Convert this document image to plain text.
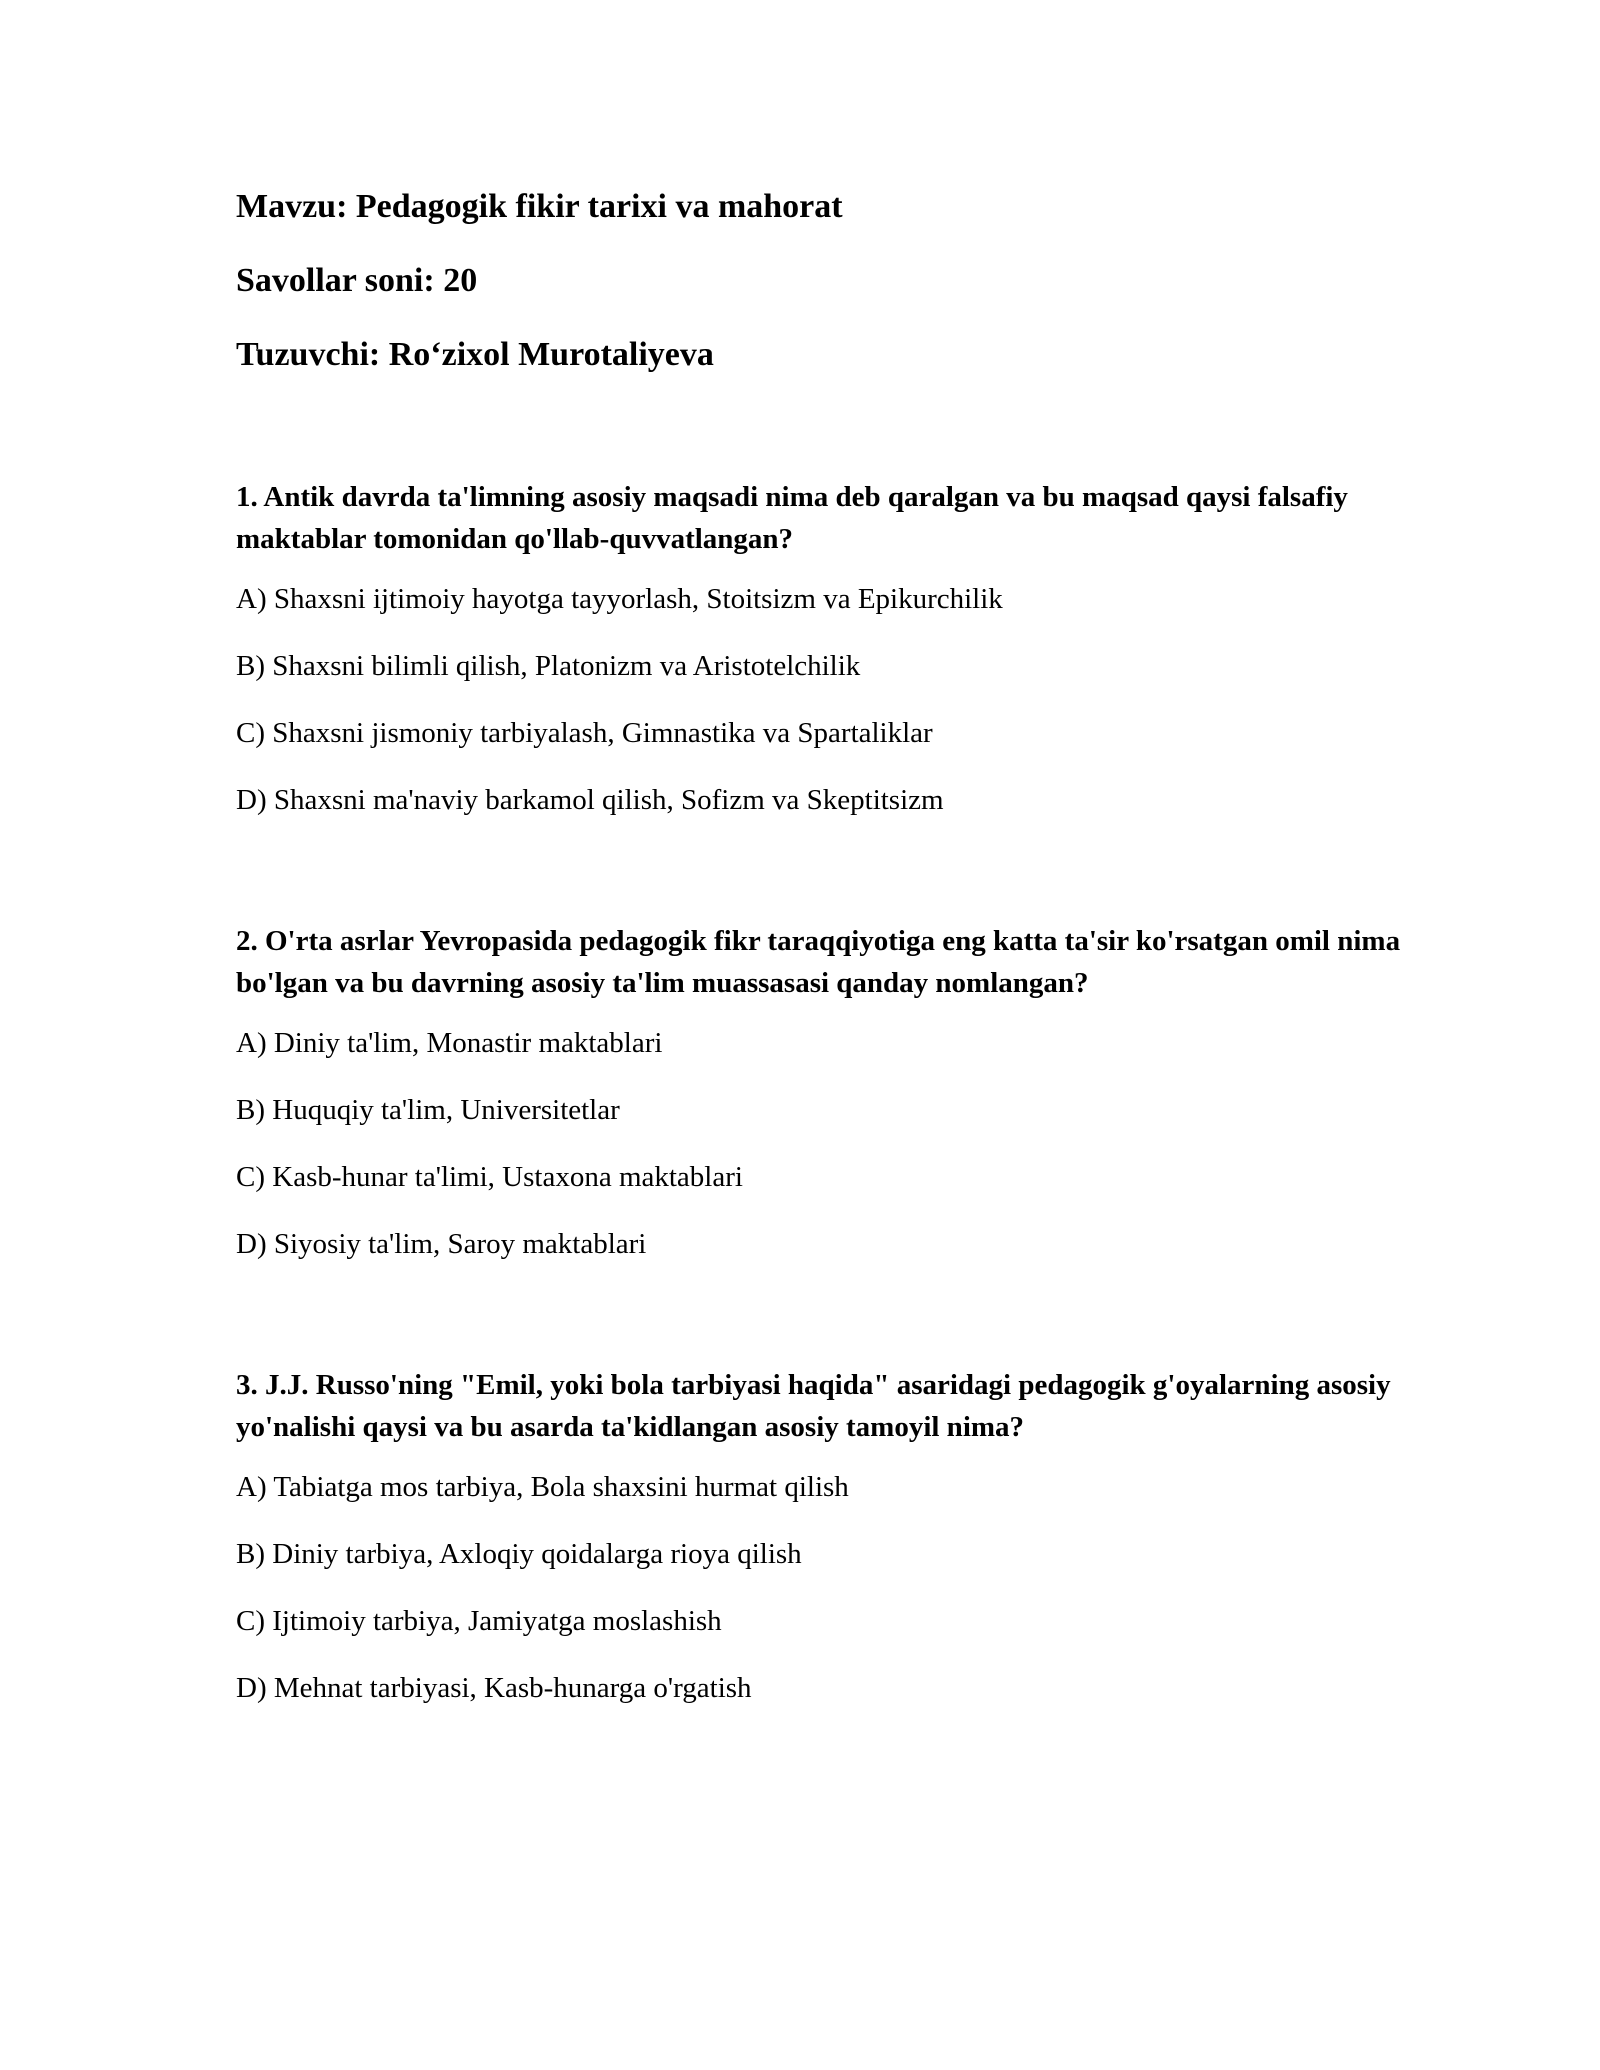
Mavzu: Pedagogik fikir tarixi va mahorat
Savollar soni: 20
Tuzuvchi: Ro‘zixol Murotaliyeva

1. Antik davrda ta'limning asosiy maqsadi nima deb qaralgan va bu maqsad qaysi falsafiy maktablar tomonidan qo'llab-quvvatlangan?

A) Shaxsni ijtimoiy hayotga tayyorlash, Stoitsizm va Epikurchilik

B) Shaxsni bilimli qilish, Platonizm va Aristotelchilik

C) Shaxsni jismoniy tarbiyalash, Gimnastika va Spartaliklar

D) Shaxsni ma'naviy barkamol qilish, Sofizm va Skeptitsizm

2. O'rta asrlar Yevropasida pedagogik fikr taraqqiyotiga eng katta ta'sir ko'rsatgan omil nima bo'lgan va bu davrning asosiy ta'lim muassasasi qanday nomlangan?

A) Diniy ta'lim, Monastir maktablari

B) Huquqiy ta'lim, Universitetlar

C) Kasb-hunar ta'limi, Ustaxona maktablari

D) Siyosiy ta'lim, Saroy maktablari

3. J.J. Russo'ning "Emil, yoki bola tarbiyasi haqida" asaridagi pedagogik g'oyalarning asosiy yo'nalishi qaysi va bu asarda ta'kidlangan asosiy tamoyil nima?

A) Tabiatga mos tarbiya, Bola shaxsini hurmat qilish

B) Diniy tarbiya, Axloqiy qoidalarga rioya qilish

C) Ijtimoiy tarbiya, Jamiyatga moslashish

D) Mehnat tarbiyasi, Kasb-hunarga o'rgatish
